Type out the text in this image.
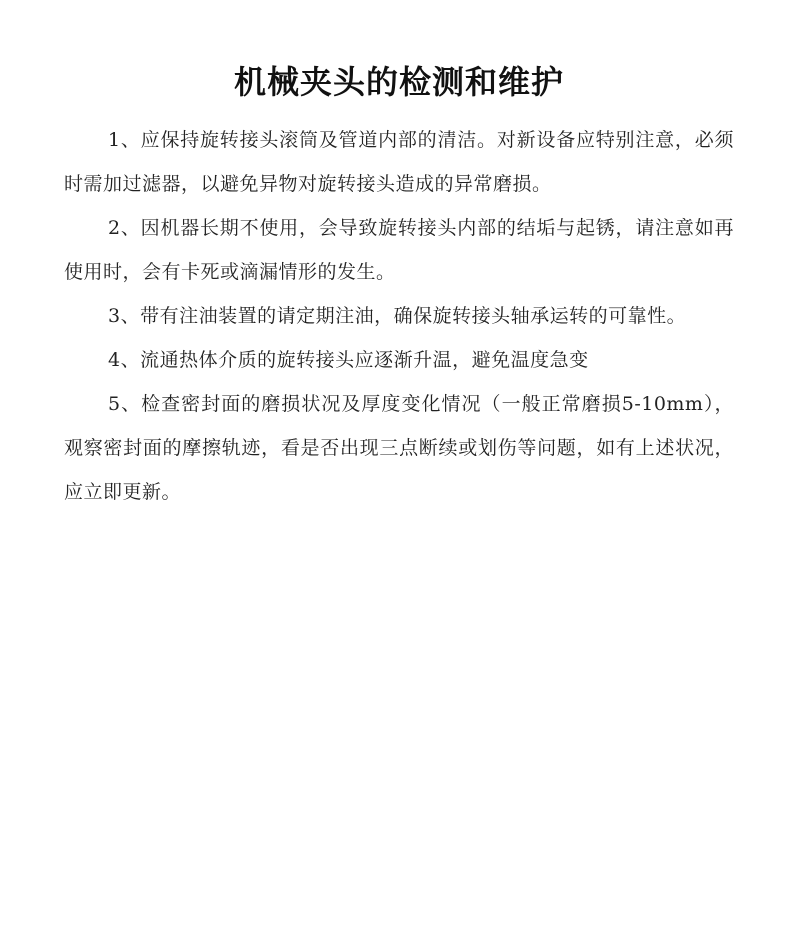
机械夹头的检测和维护

1、应保持旋转接头滚筒及管道内部的清洁。对新设备应特别注意，必须时需加过滤器，以避免异物对旋转接头造成的异常磨损。

2、因机器长期不使用，会导致旋转接头内部的结垢与起锈，请注意如再使用时，会有卡死或滴漏情形的发生。

3、带有注油装置的请定期注油，确保旋转接头轴承运转的可靠性。

4、流通热体介质的旋转接头应逐渐升温，避免温度急变

5、检查密封面的磨损状况及厚度变化情况（一般正常磨损5-10mm），观察密封面的摩擦轨迹，看是否出现三点断续或划伤等问题，如有上述状况，应立即更新。
